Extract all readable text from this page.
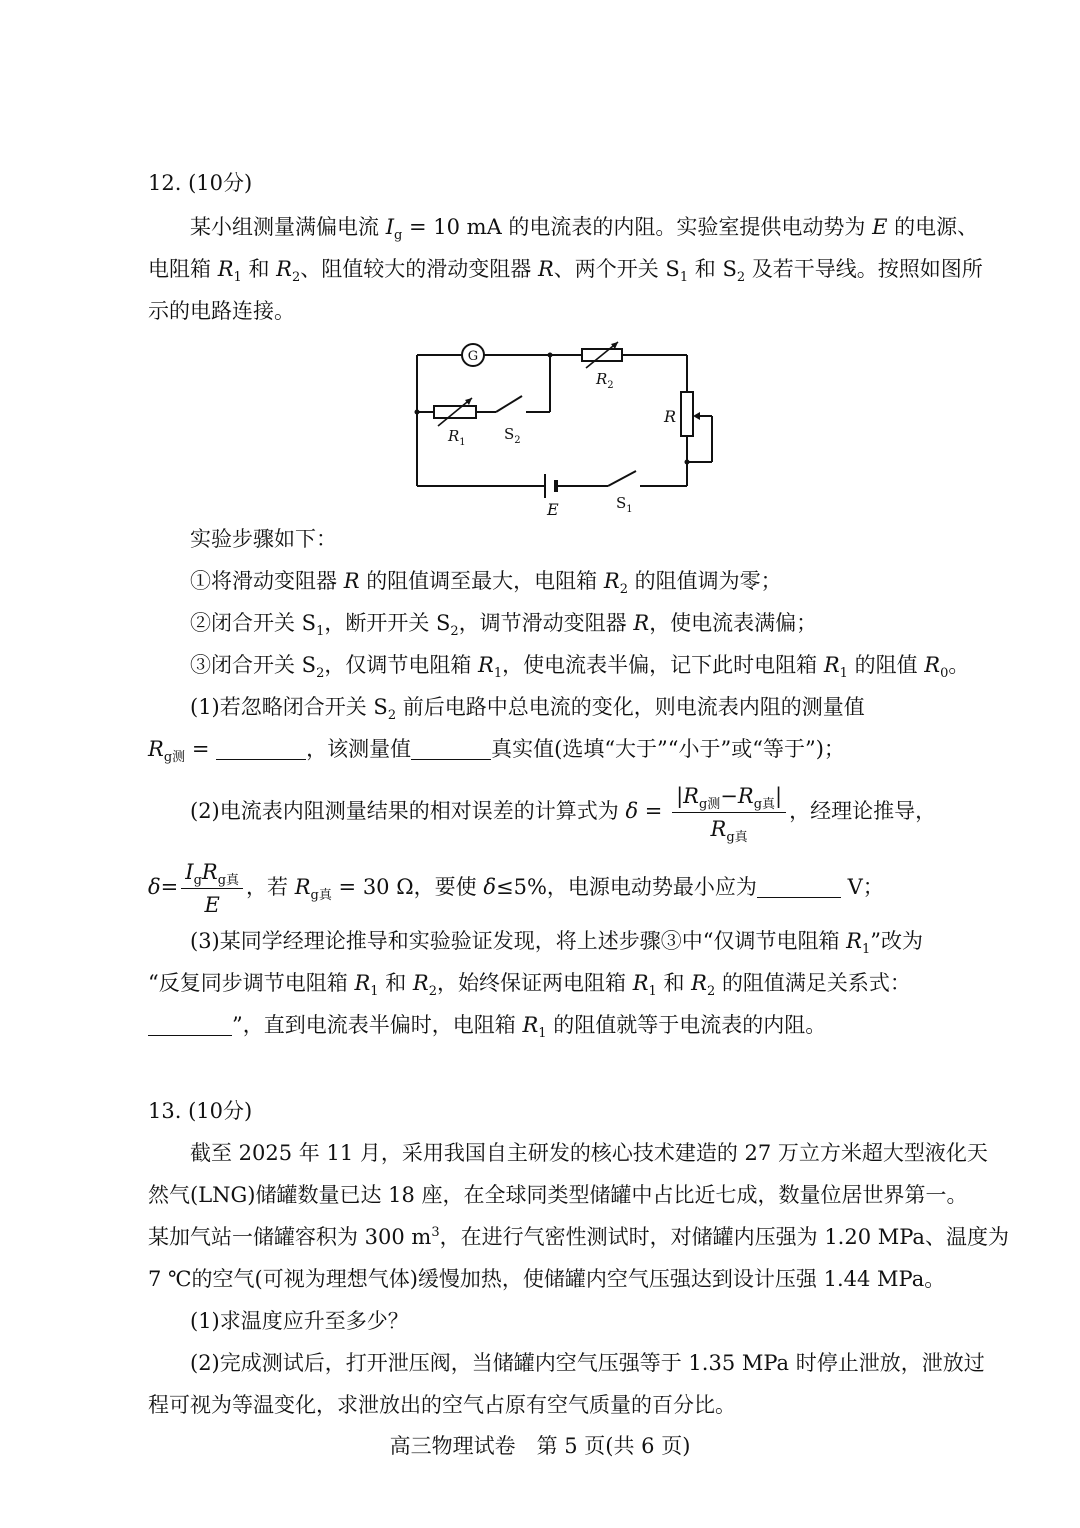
12. (10分)
某小组测量满偏电流 $I_g = 10$ mA 的电流表的内阻。实验室提供电动势为 E 的电源、
电阻箱 $R_1$ 和 $R_2$、阻值较大的滑动变阻器 R、两个开关 $S_1$ 和 $S_2$ 及若干导线。按照如图所
示的电路连接。
G
$R_2$
$R_1$	$S_2$
R
E	$S_1$
实验步骤如下：
①将滑动变阻器 R 的阻值调至最大，电阻箱 $R_2$ 的阻值调为零；
②闭合开关 $S_1$，断开开关 $S_2$，调节滑动变阻器 R，使电流表满偏；
③闭合开关 $S_2$，仅调节电阻箱 $R_1$，使电流表半偏，记下此时电阻箱 $R_1$ 的阻值 $R_0$。
(1)若忽略闭合开关 $S_2$ 前后电路中总电流的变化，则电流表内阻的测量值
$R_{g测}$ =	，该测量值	真实值(选填“大于”“小于”或“等于”)；
(2)电流表内阻测量结果的相对误差的计算式为 $\delta = \frac{|R_{g测}-R_{g真}|}{R_{g真}}$ ，经理论推导，
$\delta= \frac{I_gR_{g真}}{E}$ ，若 $R_{g真} = 30$ Ω，要使 δ≤5%，电源电动势最小应为	V；
(3)某同学经理论推导和实验验证发现，将上述步骤③中“仅调节电阻箱 $R_1$”改为
“反复同步调节电阻箱 $R_1$ 和 $R_2$，始终保证两电阻箱 $R_1$ 和 $R_2$ 的阻值满足关系式：
”，直到电流表半偏时，电阻箱 $R_1$ 的阻值就等于电流表的内阻。
13. (10分)
截至 2025 年 11 月，采用我国自主研发的核心技术建造的 27 万立方米超大型液化天
然气(LNG)储罐数量已达 18 座，在全球同类型储罐中占比近七成，数量位居世界第一。
某加气站一储罐容积为 300 $m^3$，在进行气密性测试时，对储罐内压强为 1.20 MPa、温度为
7 ℃的空气(可视为理想气体)缓慢加热，使储罐内空气压强达到设计压强 1.44 MPa。
(1)求温度应升至多少？
(2)完成测试后，打开泄压阀，当储罐内空气压强等于 1.35 MPa 时停止泄放，泄放过
程可视为等温变化，求泄放出的空气占原有空气质量的百分比。
高三物理试卷　第 5 页(共 6 页)
